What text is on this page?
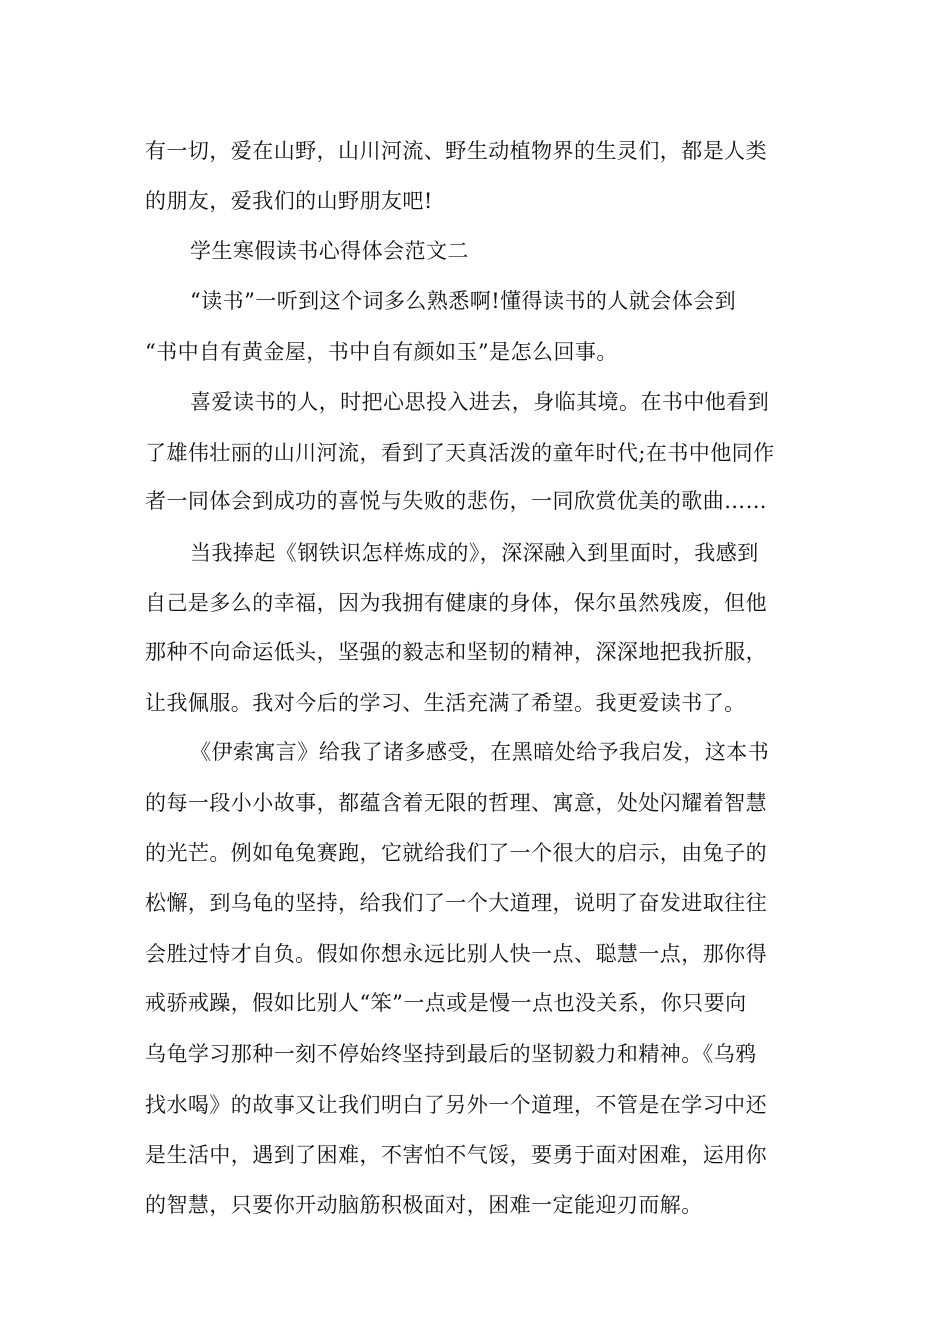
有一切，爱在山野，山川河流、野生动植物界的生灵们，都是人类
的朋友，爱我们的山野朋友吧!
学生寒假读书心得体会范文二
“读书”一听到这个词多么熟悉啊!懂得读书的人就会体会到
“书中自有黄金屋，书中自有颜如玉”是怎么回事。
喜爱读书的人，时把心思投入进去，身临其境。在书中他看到
了雄伟壮丽的山川河流，看到了天真活泼的童年时代;在书中他同作
者一同体会到成功的喜悦与失败的悲伤，一同欣赏优美的歌曲……
当我捧起《钢铁识怎样炼成的》，深深融入到里面时，我感到
自己是多么的幸福，因为我拥有健康的身体，保尔虽然残废，但他
那种不向命运低头，坚强的毅志和坚韧的精神，深深地把我折服，
让我佩服。我对今后的学习、生活充满了希望。我更爱读书了。
《伊索寓言》给我了诸多感受，在黑暗处给予我启发，这本书
的每一段小小故事，都蕴含着无限的哲理、寓意，处处闪耀着智慧
的光芒。例如龟兔赛跑，它就给我们了一个很大的启示，由兔子的
松懈，到乌龟的坚持，给我们了一个大道理，说明了奋发进取往往
会胜过恃才自负。假如你想永远比别人快一点、聪慧一点，那你得
戒骄戒躁，假如比别人“笨”一点或是慢一点也没关系，你只要向
乌龟学习那种一刻不停始终坚持到最后的坚韧毅力和精神。《乌鸦
找水喝》的故事又让我们明白了另外一个道理，不管是在学习中还
是生活中，遇到了困难，不害怕不气馁，要勇于面对困难，运用你
的智慧，只要你开动脑筋积极面对，困难一定能迎刃而解。
